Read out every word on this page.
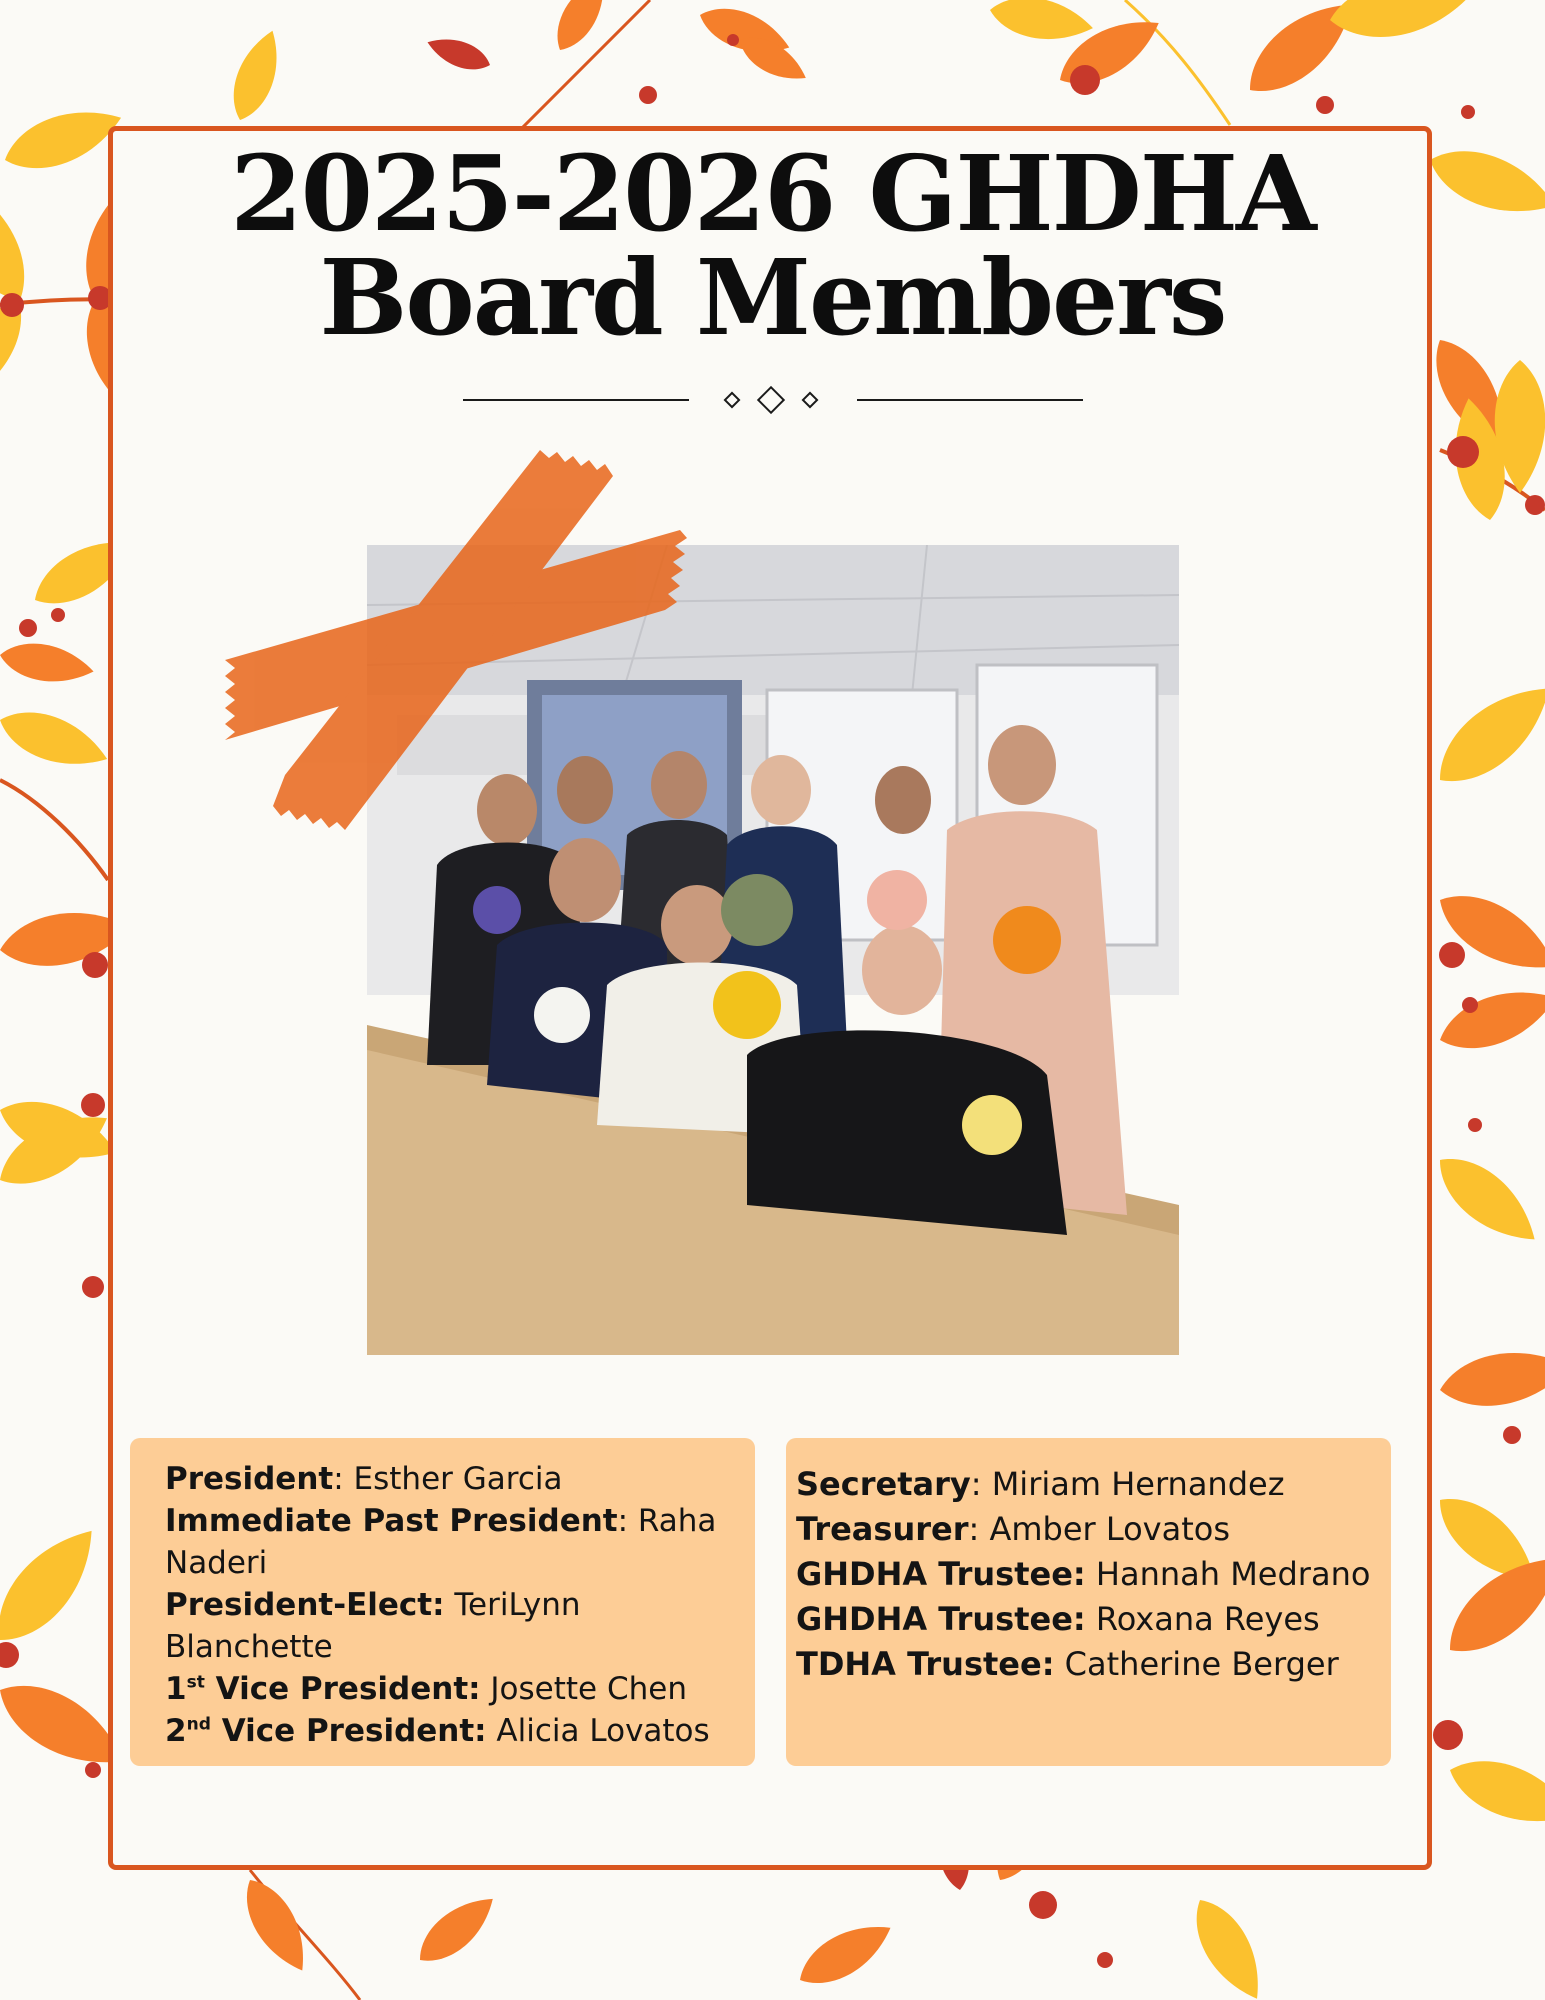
2025-2026 GHDHA
Board Members
President: Esther Garcia
Immediate Past President: Raha Naderi
President-Elect: TeriLynn Blanchette
1st Vice President: Josette Chen
2nd Vice President: Alicia Lovatos
Secretary: Miriam Hernandez
Treasurer: Amber Lovatos
GHDHA Trustee: Hannah Medrano
GHDHA Trustee: Roxana Reyes
TDHA Trustee: Catherine Berger
